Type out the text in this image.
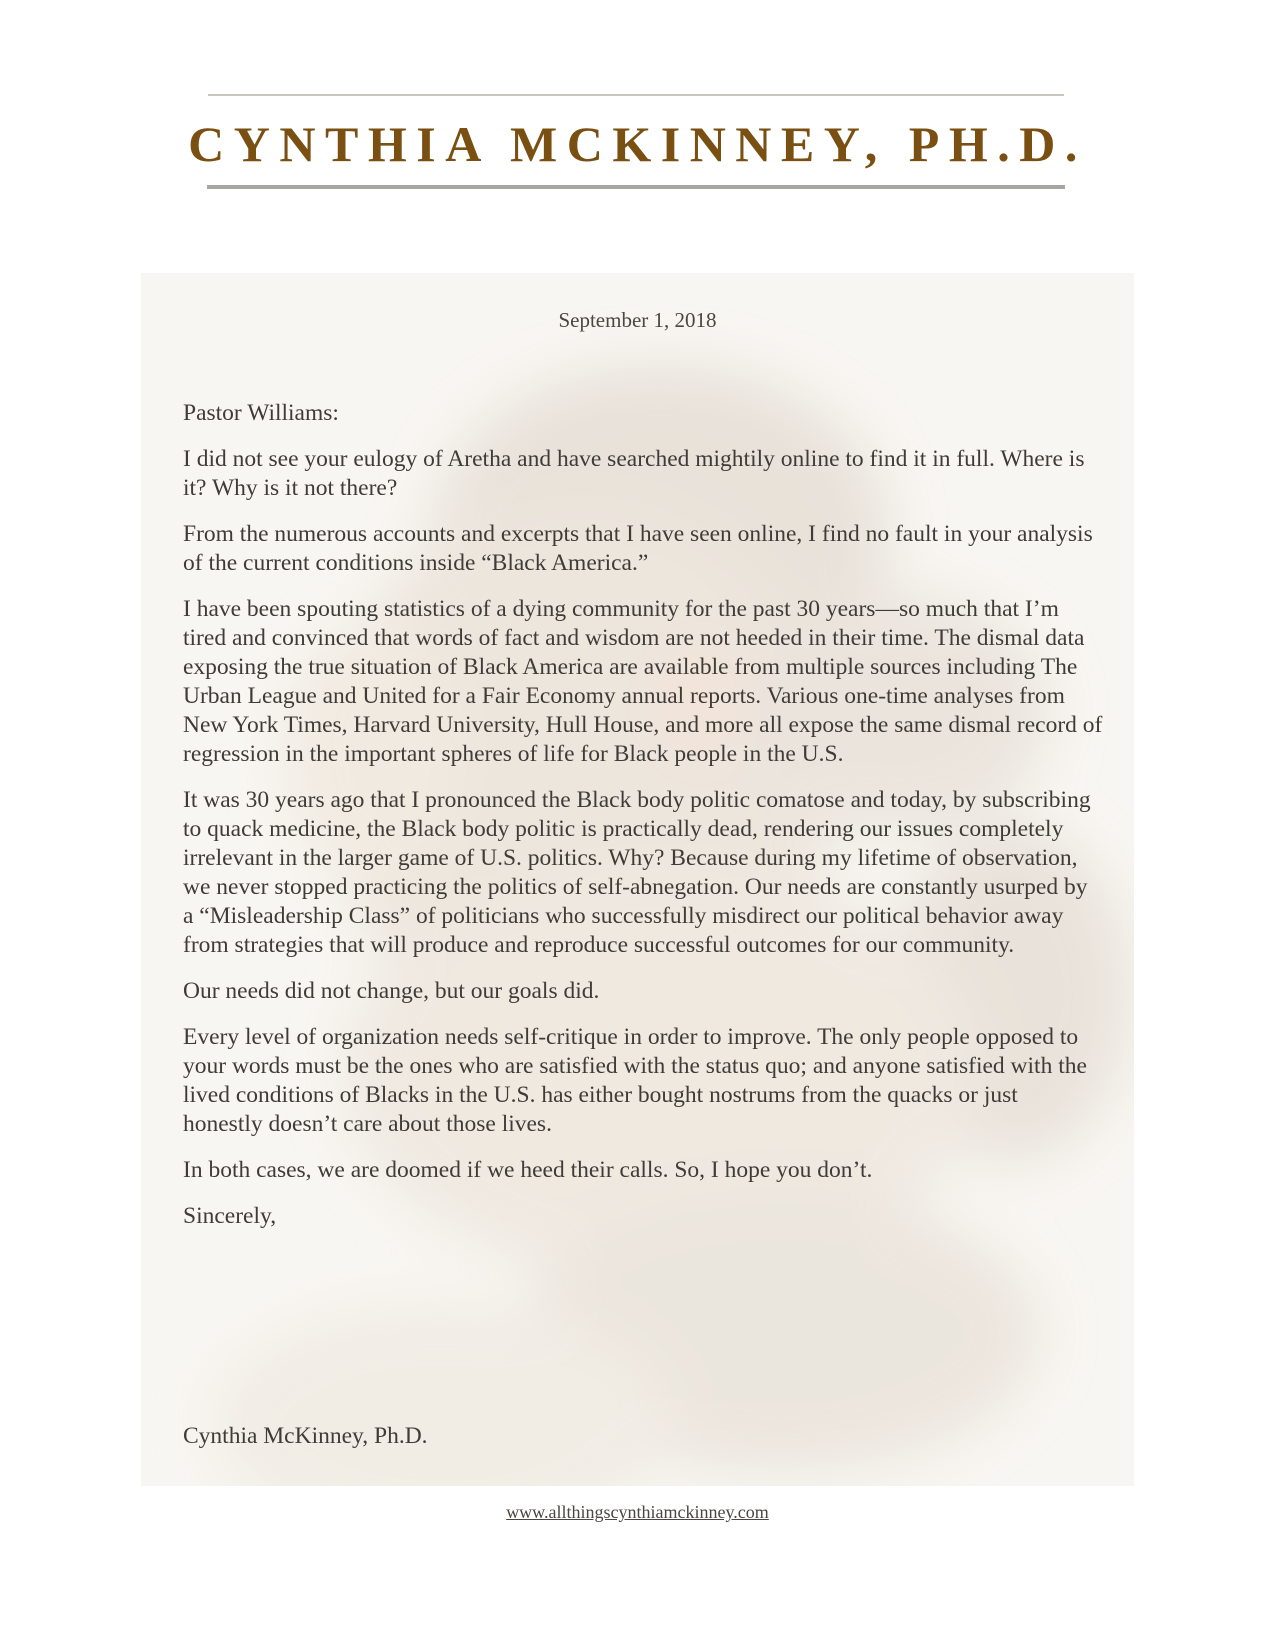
CYNTHIA MCKINNEY, PH.D.
September 1, 2018

Pastor Williams:

I did not see your eulogy of Aretha and have searched mightily online to find it in full. Where is it? Why is it not there?

From the numerous accounts and excerpts that I have seen online, I find no fault in your analysis of the current conditions inside “Black America.”

I have been spouting statistics of a dying community for the past 30 years—so much that I’m tired and convinced that words of fact and wisdom are not heeded in their time. The dismal data exposing the true situation of Black America are available from multiple sources including The Urban League and United for a Fair Economy annual reports. Various one-time analyses from New York Times, Harvard University, Hull House, and more all expose the same dismal record of regression in the important spheres of life for Black people in the U.S.

It was 30 years ago that I pronounced the Black body politic comatose and today, by subscribing to quack medicine, the Black body politic is practically dead, rendering our issues completely irrelevant in the larger game of U.S. politics. Why? Because during my lifetime of observation, we never stopped practicing the politics of self-abnegation. Our needs are constantly usurped by a “Misleadership Class” of politicians who successfully misdirect our political behavior away from strategies that will produce and reproduce successful outcomes for our community.

Our needs did not change, but our goals did.

Every level of organization needs self-critique in order to improve. The only people opposed to your words must be the ones who are satisfied with the status quo; and anyone satisfied with the lived conditions of Blacks in the U.S. has either bought nostrums from the quacks or just honestly doesn’t care about those lives.

In both cases, we are doomed if we heed their calls. So, I hope you don’t.

Sincerely,

Cynthia McKinney, Ph.D.
www.allthingscynthiamckinney.com
